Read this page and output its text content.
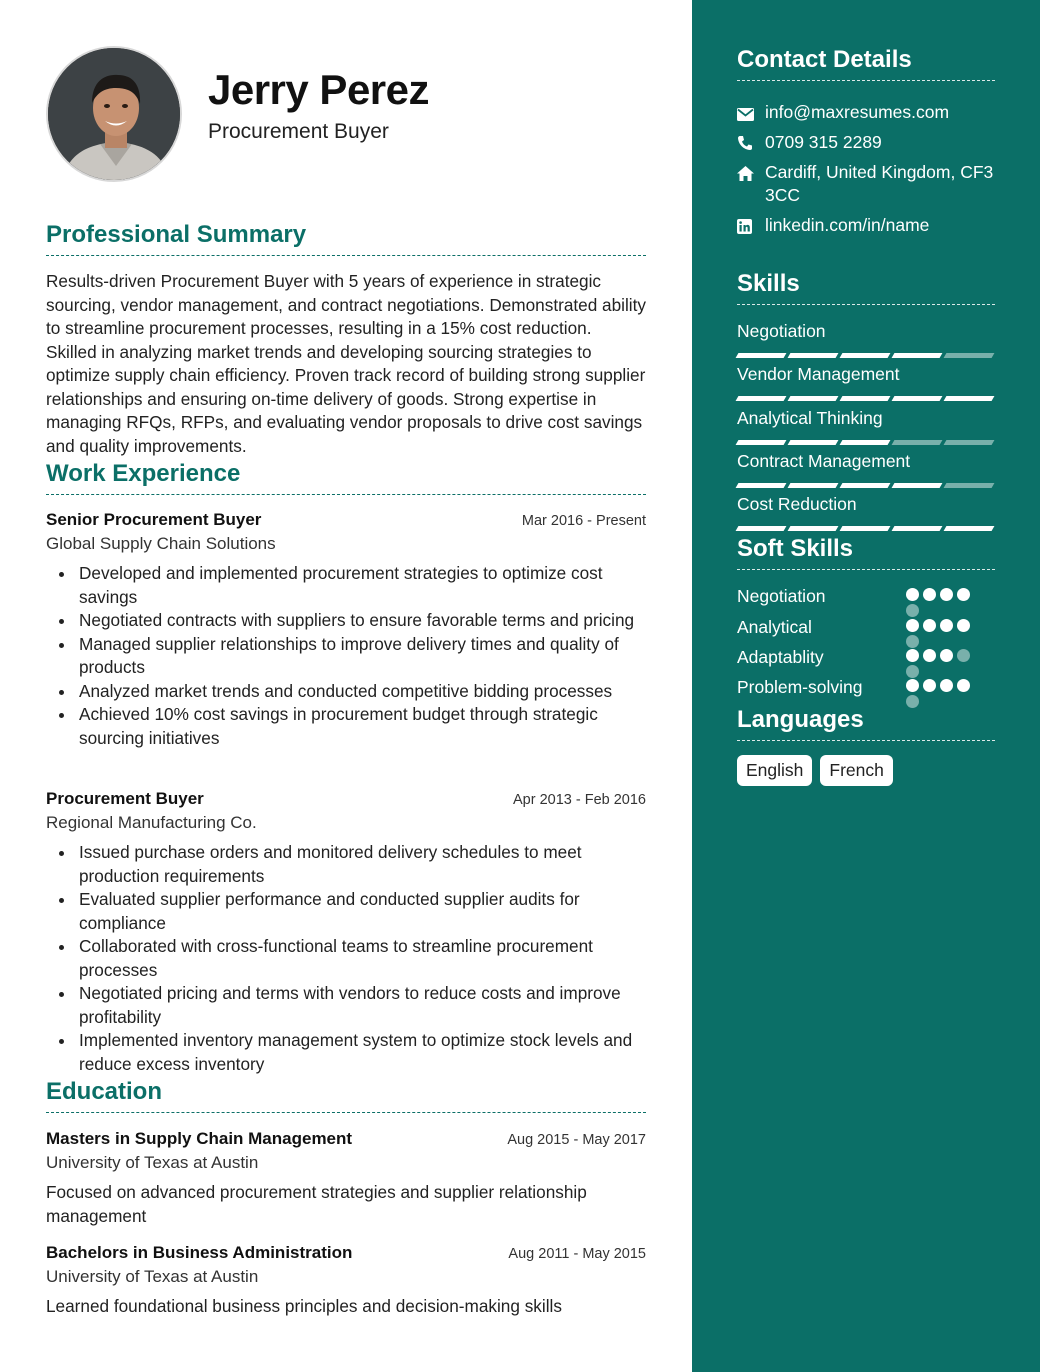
Jerry Perez
Procurement Buyer
Professional Summary
Results-driven Procurement Buyer with 5 years of experience in strategic sourcing, vendor management, and contract negotiations. Demonstrated ability to streamline procurement processes, resulting in a 15% cost reduction. Skilled in analyzing market trends and developing sourcing strategies to optimize supply chain efficiency. Proven track record of building strong supplier relationships and ensuring on-time delivery of goods. Strong expertise in managing RFQs, RFPs, and evaluating vendor proposals to drive cost savings and quality improvements.
Work Experience
Senior Procurement Buyer	Mar 2016 - Present
Global Supply Chain Solutions
Developed and implemented procurement strategies to optimize cost savings
Negotiated contracts with suppliers to ensure favorable terms and pricing
Managed supplier relationships to improve delivery times and quality of products
Analyzed market trends and conducted competitive bidding processes
Achieved 10% cost savings in procurement budget through strategic sourcing initiatives
Procurement Buyer	Apr 2013 - Feb 2016
Regional Manufacturing Co.
Issued purchase orders and monitored delivery schedules to meet production requirements
Evaluated supplier performance and conducted supplier audits for compliance
Collaborated with cross-functional teams to streamline procurement processes
Negotiated pricing and terms with vendors to reduce costs and improve profitability
Implemented inventory management system to optimize stock levels and reduce excess inventory
Education
Masters in Supply Chain Management	Aug 2015 - May 2017
University of Texas at Austin
Focused on advanced procurement strategies and supplier relationship management
Bachelors in Business Administration	Aug 2011 - May 2015
University of Texas at Austin
Learned foundational business principles and decision-making skills
Contact Details
info@maxresumes.com
0709 315 2289
Cardiff, United Kingdom, CF3 3CC
linkedin.com/in/name
Skills
Negotiation
Vendor Management
Analytical Thinking
Contract Management
Cost Reduction
Soft Skills
Negotiation
Analytical
Adaptablity
Problem-solving
Languages
English	French
